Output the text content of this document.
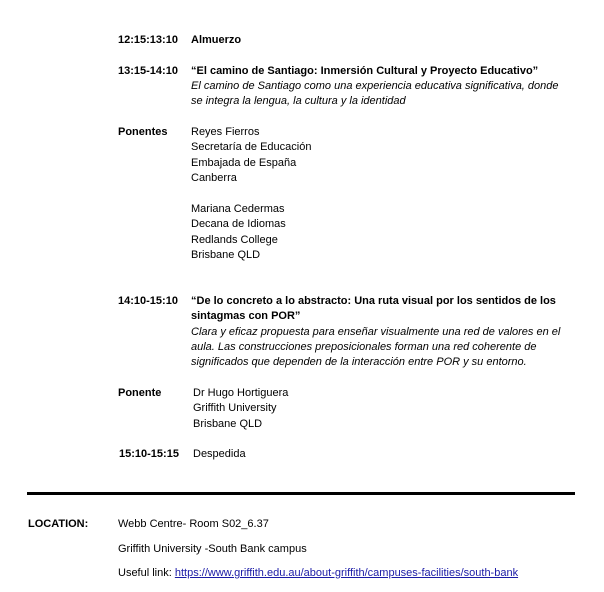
12:15:13:10 Almuerzo
13:15-14:10 “El camino de Santiago: Inmersión Cultural y Proyecto Educativo”
El camino de Santiago como una experiencia educativa significativa, donde
se integra la lengua, la cultura y la identidad
Ponentes Reyes Fierros
Secretaría de Educación
Embajada de España
Canberra
Mariana Cedermas
Decana de Idiomas
Redlands College
Brisbane QLD
14:10-15:10 “De lo concreto a lo abstracto: Una ruta visual por los sentidos de los
sintagmas con POR”
Clara y eficaz propuesta para enseñar visualmente una red de valores en el
aula. Las construcciones preposicionales forman una red coherente de
significados que dependen de la interacción entre POR y su entorno.
Ponente	Dr Hugo Hortiguera
Griffith University
Brisbane QLD
15:10-15:15 Despedida
LOCATION:	Webb Centre- Room S02_6.37
Griffith University -South Bank campus
Useful link: https://www.griffith.edu.au/about-griffith/campuses-facilities/south-bank
